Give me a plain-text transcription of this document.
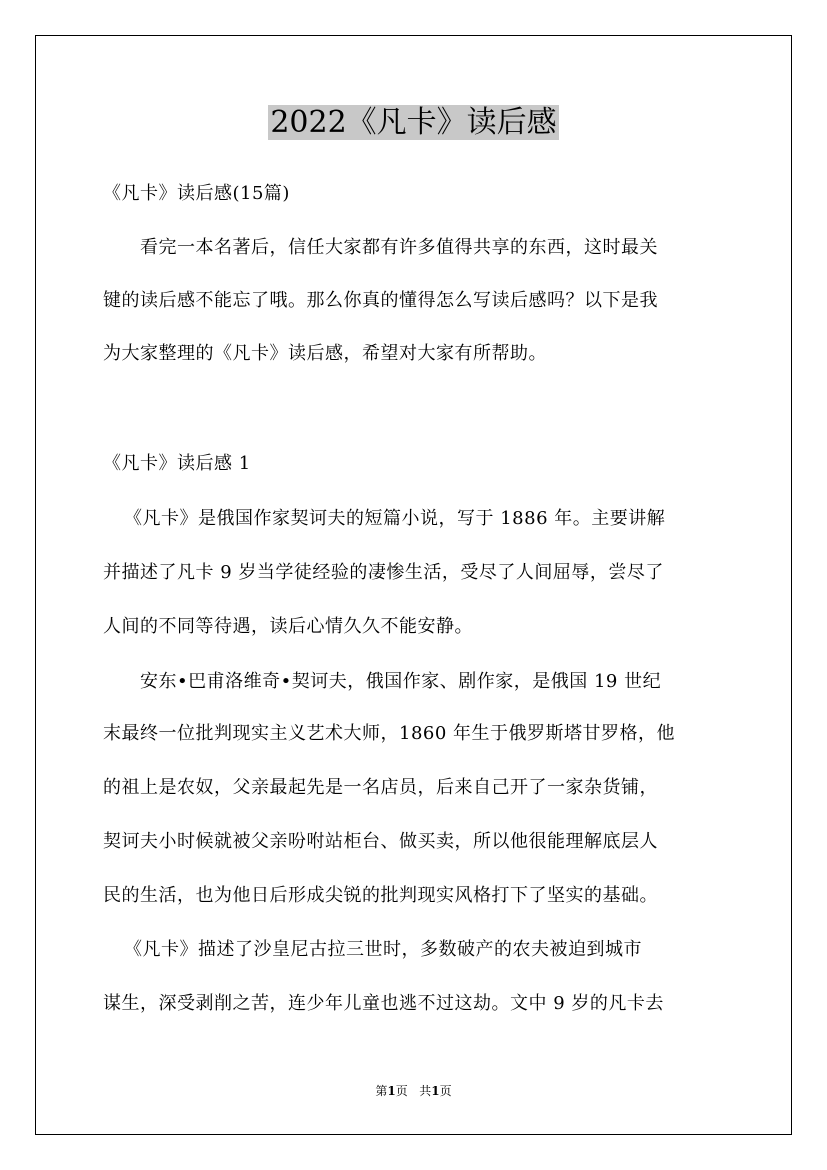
2022《凡卡》读后感

《凡卡》读后感(15篇)

看完一本名著后，信任大家都有许多值得共享的东西，这时最关

键的读后感不能忘了哦。那么你真的懂得怎么写读后感吗？以下是我

为大家整理的《凡卡》读后感，希望对大家有所帮助。

《凡卡》读后感 1

《凡卡》是俄国作家契诃夫的短篇小说，写于 1886 年。主要讲解

并描述了凡卡 9 岁当学徒经验的凄惨生活，受尽了人间屈辱，尝尽了

人间的不同等待遇，读后心情久久不能安静。

安东•巴甫洛维奇•契诃夫，俄国作家、剧作家，是俄国 19 世纪

末最终一位批判现实主义艺术大师，1860 年生于俄罗斯塔甘罗格，他

的祖上是农奴，父亲最起先是一名店员，后来自己开了一家杂货铺，

契诃夫小时候就被父亲吩咐站柜台、做买卖，所以他很能理解底层人

民的生活，也为他日后形成尖锐的批判现实风格打下了坚实的基础。

《凡卡》描述了沙皇尼古拉三世时，多数破产的农夫被迫到城市

谋生，深受剥削之苦，连少年儿童也逃不过这劫。文中 9 岁的凡卡去

第1页 共1页
